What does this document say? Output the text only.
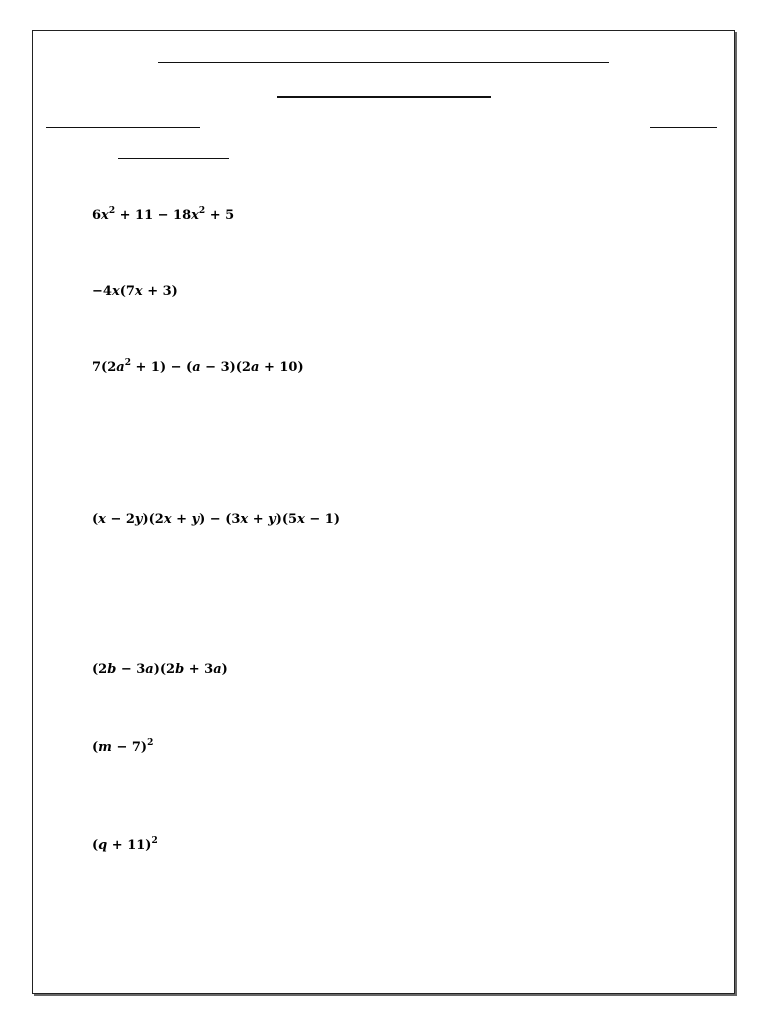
$6x^2 + 11 - 18x^2 + 5$
−4x(7x + 3)
$7(2a^2 + 1) - (a - 3)(2a + 10)$
(x − 2y)(2x + y) − (3x + y)(5x − 1)
(2b − 3a)(2b + 3a)
$(m - 7)^2$
$(q + 11)^2$
